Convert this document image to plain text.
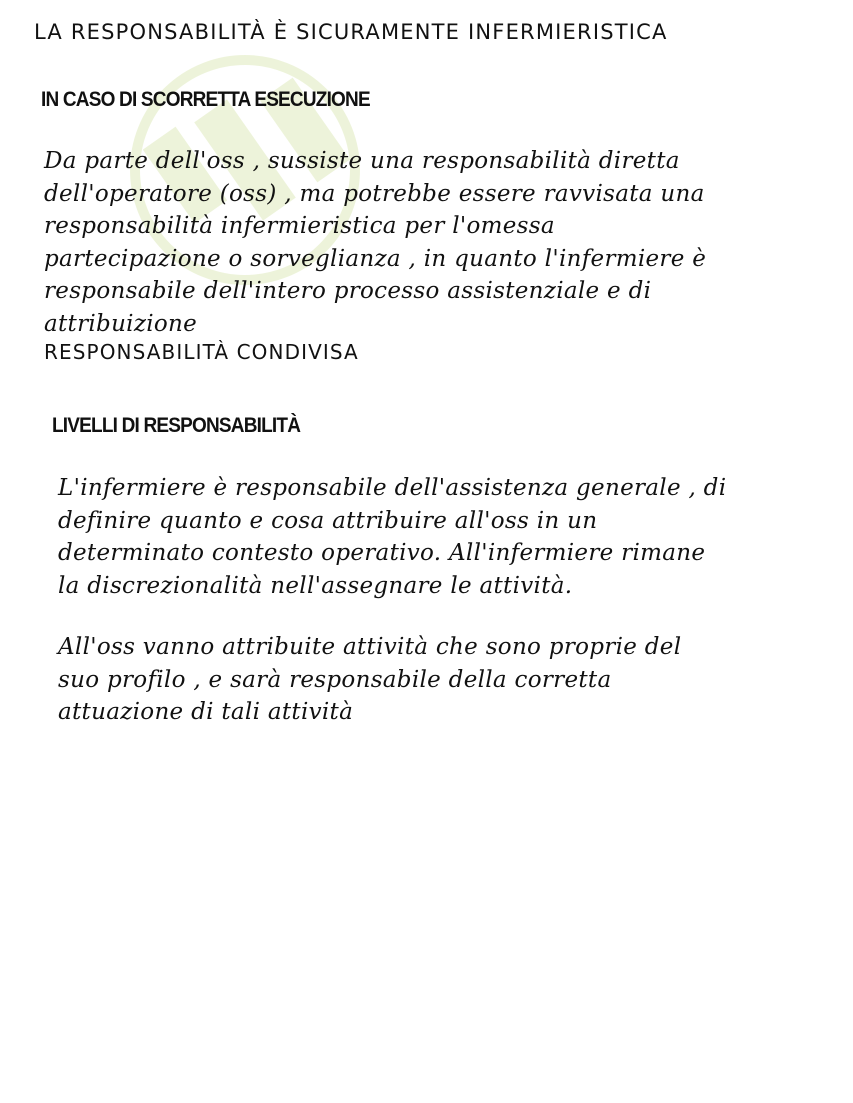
LA RESPONSABILITÀ È SICURAMENTE INFERMIERISTICA
IN CASO DI SCORRETTA ESECUZIONE
Da parte dell'oss , sussiste una responsabilità diretta
dell'operatore (oss) , ma potrebbe essere ravvisata una
responsabilità infermieristica per l'omessa
partecipazione o sorveglianza , in quanto l'infermiere è
responsabile dell'intero processo assistenziale e di
attribuizione
RESPONSABILITÀ CONDIVISA
LIVELLI DI RESPONSABILITÀ
L'infermiere è responsabile dell'assistenza generale , di
definire quanto e cosa attribuire all'oss in un
determinato contesto operativo. All'infermiere rimane
la discrezionalità nell'assegnare le attività.
All'oss vanno attribuite attività che sono proprie del
suo profilo , e sarà responsabile della corretta
attuazione di tali attività
